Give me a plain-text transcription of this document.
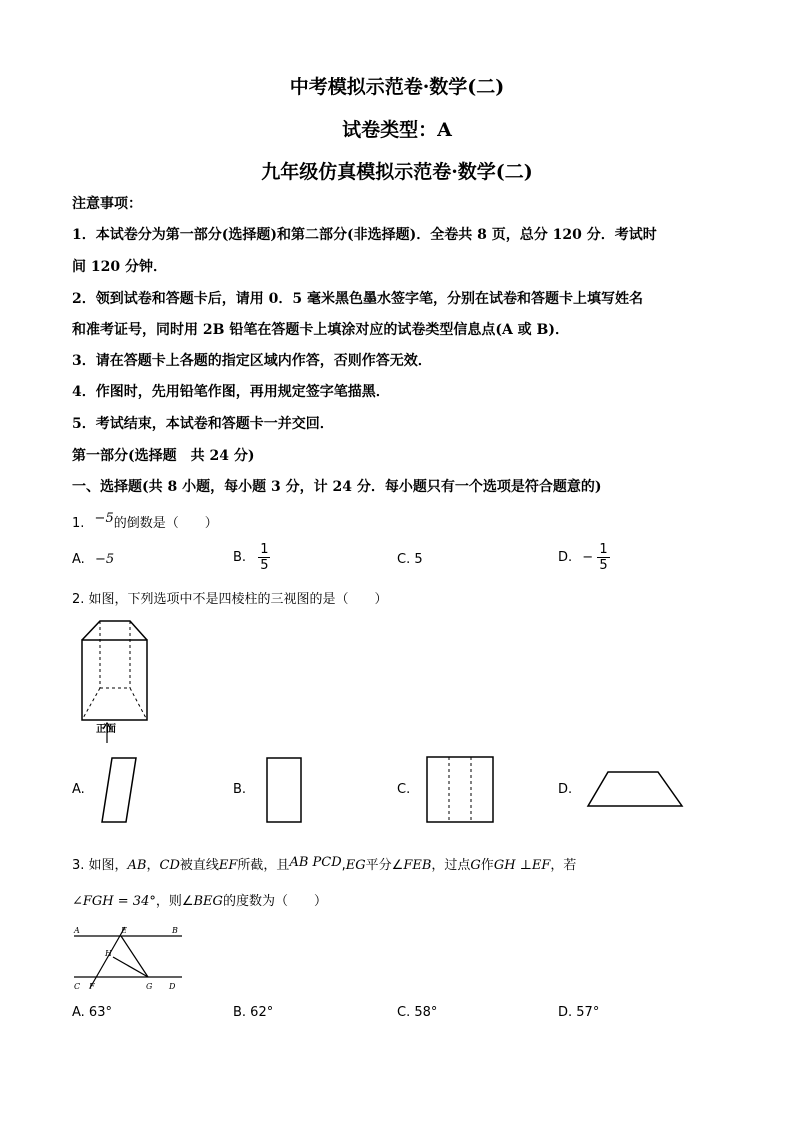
中考模拟示范卷·数学(二)
试卷类型：A
九年级仿真模拟示范卷·数学(二)
注意事项：
1．本试卷分为第一部分(选择题)和第二部分(非选择题)．全卷共 8 页，总分 120 分．考试时
间 120 分钟．
2．领到试卷和答题卡后，请用 0．5 毫米黑色墨水签字笔，分别在试卷和答题卡上填写姓名
和准考证号，同时用 2B 铅笔在答题卡上填涂对应的试卷类型信息点(A 或 B)．
3．请在答题卡上各题的指定区域内作答，否则作答无效．
4．作图时，先用铅笔作图，再用规定签字笔描黑．
5．考试结束，本试卷和答题卡一并交回．
第一部分(选择题　共 24 分)
一、选择题(共 8 小题，每小题 3 分，计 24 分．每小题只有一个选项是符合题意的)
1. −5的倒数是（　　）
A. −5	B. $\frac{1}{5}$	C. 5	D. − $\frac{1}{5}$
2. 如图，下列选项中不是四棱柱的三视图的是（　　）
正面
A.	B.	C.	D.
3. 如图，AB，CD被直线EF所截，且AB PCD,EG平分∠FEB，过点G作GH ⊥EF，若
∠FGH = 34°，则∠BEG的度数为（　　）
A	E	B
H
C F	G D
A. 63°	B. 62°	C. 58°	D. 57°
